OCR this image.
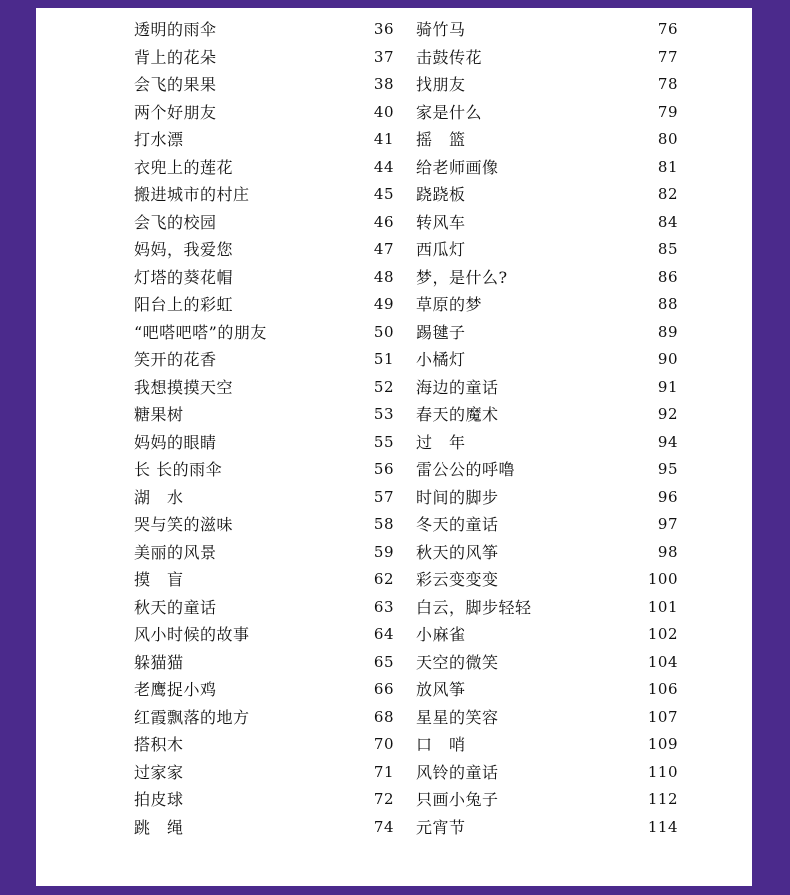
透明的雨伞	36
背上的花朵	37
会飞的果果	38
两个好朋友	40
打水漂	41
衣兜上的莲花	44
搬进城市的村庄	45
会飞的校园	46
妈妈，我爱您	47
灯塔的葵花帽	48
阳台上的彩虹	49
“吧嗒吧嗒”的朋友	50
笑开的花香	51
我想摸摸天空	52
糖果树	53
妈妈的眼睛	55
长 长的雨伞	56
湖　水	57
哭与笑的滋味	58
美丽的风景	59
摸　盲	62
秋天的童话	63
风小时候的故事	64
躲猫猫	65
老鹰捉小鸡	66
红霞飘落的地方	68
搭积木	70
过家家	71
拍皮球	72
跳　绳	74
骑竹马	76
击鼓传花	77
找朋友	78
家是什么	79
摇　篮	80
给老师画像	81
跷跷板	82
转风车	84
西瓜灯	85
梦，是什么?	86
草原的梦	88
踢毽子	89
小橘灯	90
海边的童话	91
春天的魔术	92
过　年	94
雷公公的呼噜	95
时间的脚步	96
冬天的童话	97
秋天的风筝	98
彩云变变变	100
白云，脚步轻轻	101
小麻雀	102
天空的微笑	104
放风筝	106
星星的笑容	107
口　哨	109
风铃的童话	110
只画小兔子	112
元宵节	114
